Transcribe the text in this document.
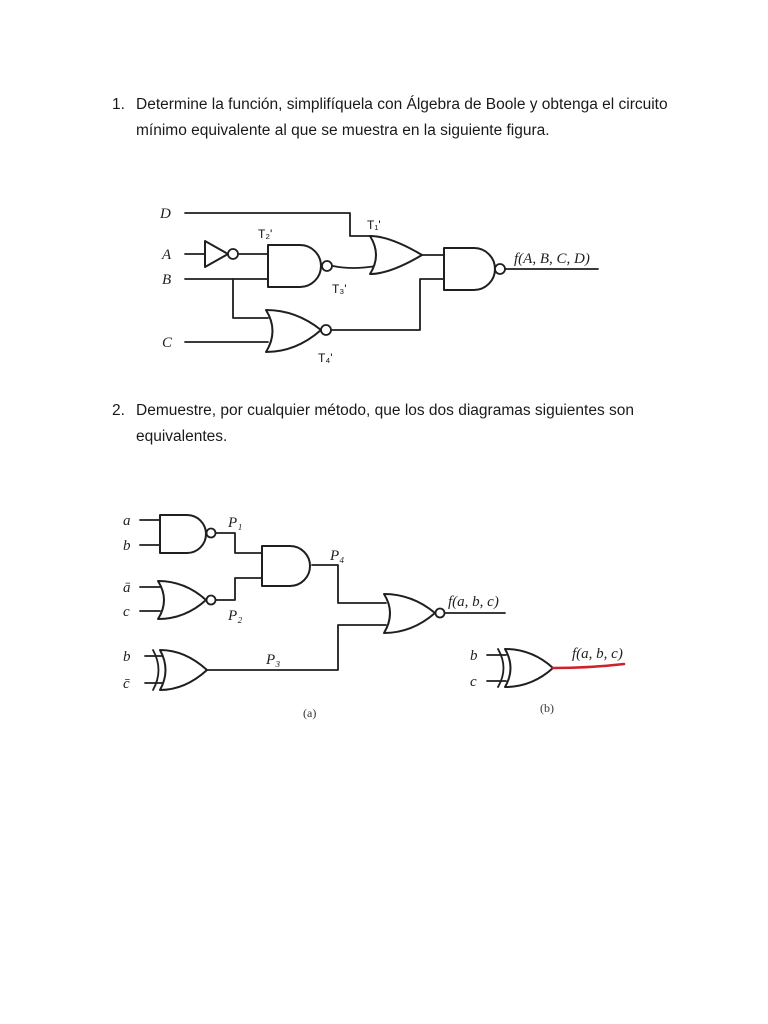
1. Determine la función, simplifíquela con Álgebra de Boole y obtenga el circuito mínimo equivalente al que se muestra en la siguiente figura.
2. Demuestre, por cualquier método, que los dos diagramas siguientes son equivalentes.
D
A
B
C
T₁'
T₂'
T₃'
T₄'
f(A, B, C, D)
a
b
ā
c
b
c̄
P₁
P₂
P₃
P₄
f(a, b, c)
(a)
b
c
f(a, b, c)
(b)
